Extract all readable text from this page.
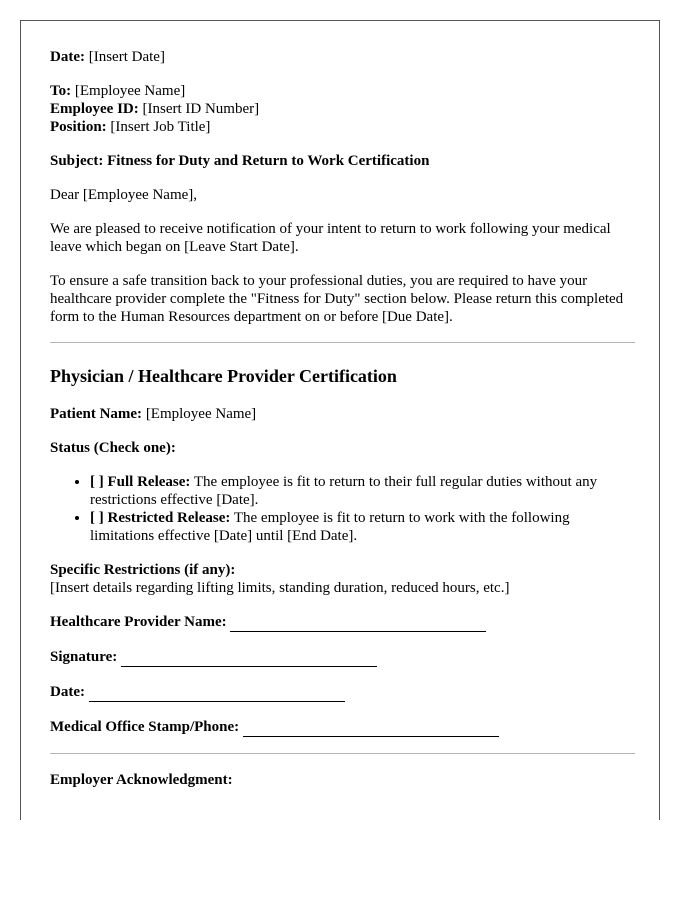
Date: [Insert Date]

To: [Employee Name]
Employee ID: [Insert ID Number]
Position: [Insert Job Title]

Subject: Fitness for Duty and Return to Work Certification

Dear [Employee Name],

We are pleased to receive notification of your intent to return to work following your medical leave which began on [Leave Start Date].

To ensure a safe transition back to your professional duties, you are required to have your healthcare provider complete the "Fitness for Duty" section below. Please return this completed form to the Human Resources department on or before [Due Date].

Physician / Healthcare Provider Certification

Patient Name: [Employee Name]

Status (Check one):

• [ ] Full Release: The employee is fit to return to their full regular duties without any restrictions effective [Date].
• [ ] Restricted Release: The employee is fit to return to work with the following limitations effective [Date] until [End Date].

Specific Restrictions (if any):
[Insert details regarding lifting limits, standing duration, reduced hours, etc.]

Healthcare Provider Name:

Signature:

Date:

Medical Office Stamp/Phone:

Employer Acknowledgment:
